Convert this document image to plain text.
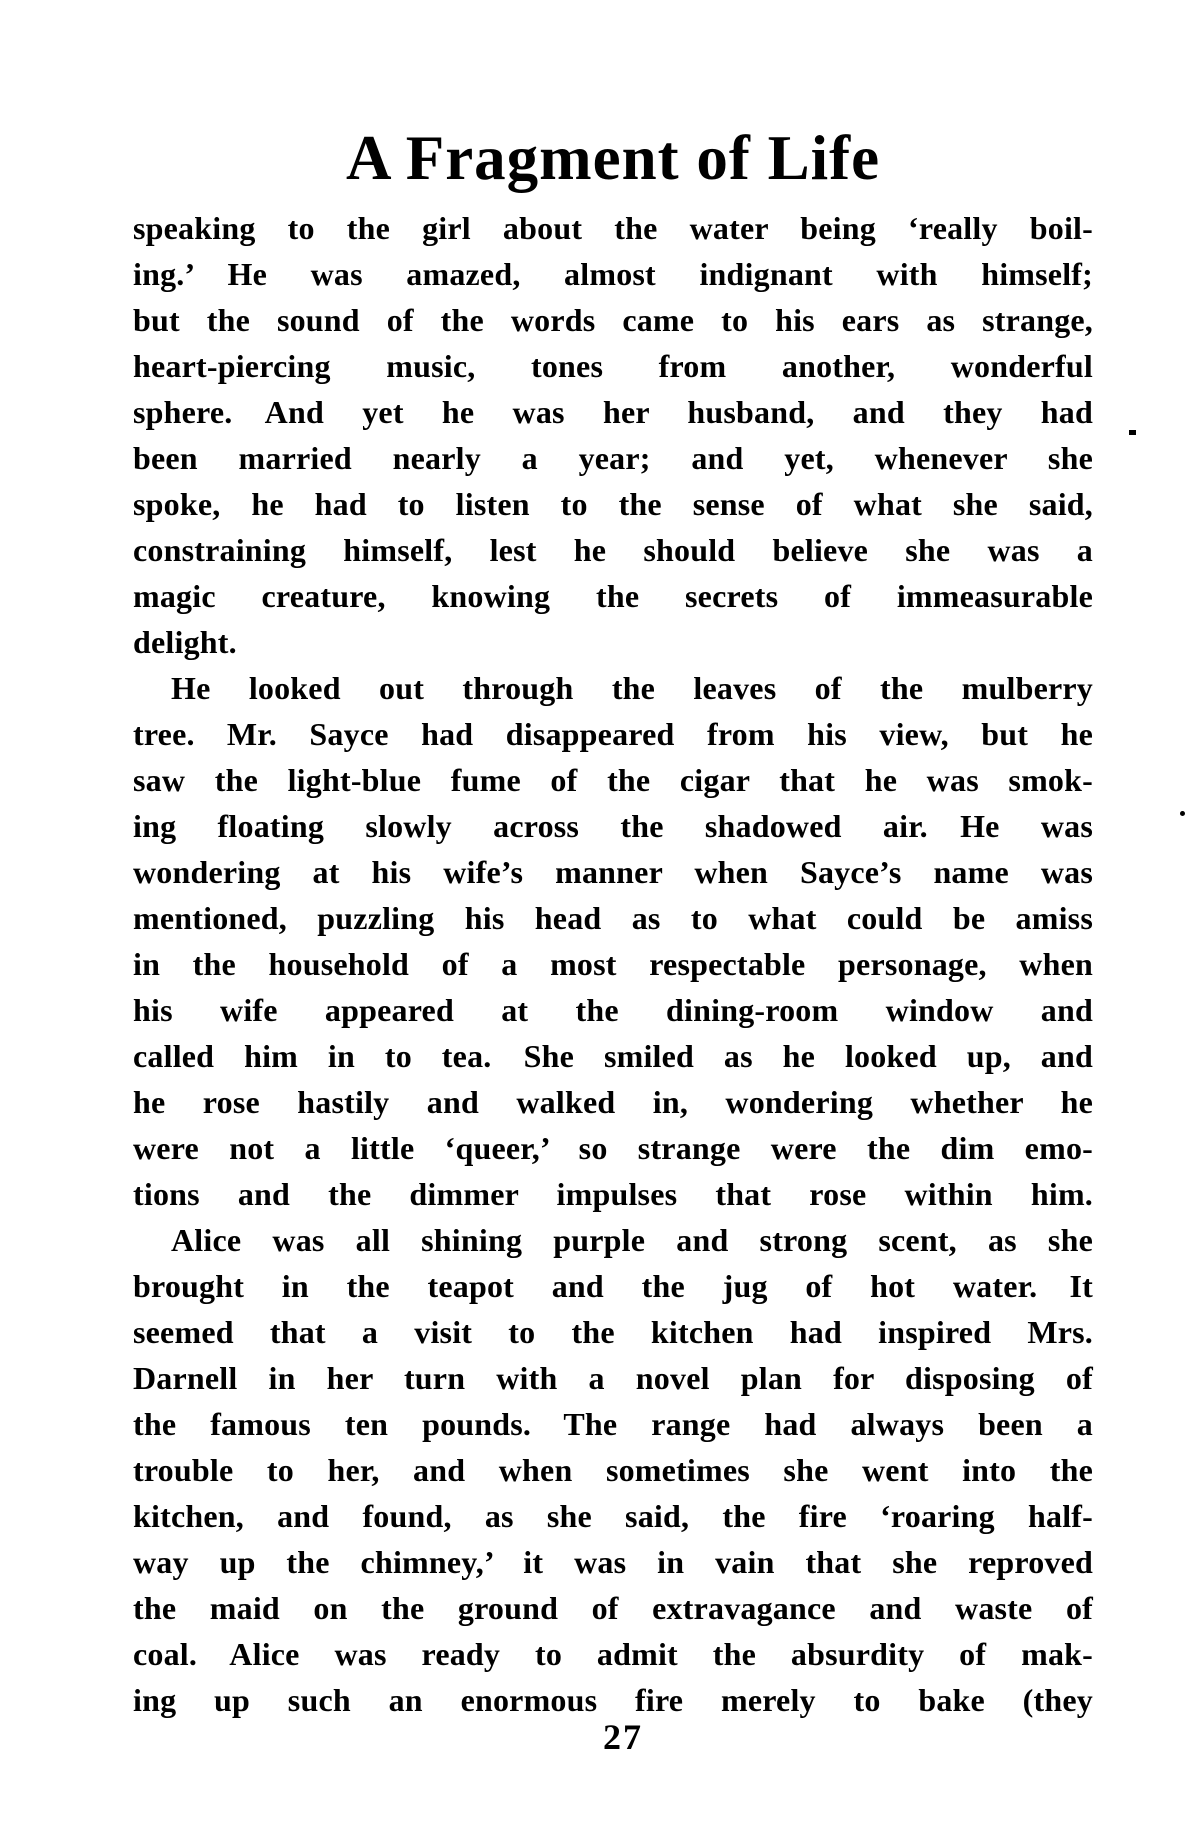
A Fragment of Life
speaking to the girl about the water being ‘really boil-
ing.’ He was amazed, almost indignant with himself;
but the sound of the words came to his ears as strange,
heart-piercing music, tones from another, wonderful
sphere. And yet he was her husband, and they had
been married nearly a year; and yet, whenever she
spoke, he had to listen to the sense of what she said,
constraining himself, lest he should believe she was a
magic creature, knowing the secrets of immeasurable
delight.
He looked out through the leaves of the mulberry
tree. Mr. Sayce had disappeared from his view, but he
saw the light-blue fume of the cigar that he was smok-
ing floating slowly across the shadowed air. He was
wondering at his wife’s manner when Sayce’s name was
mentioned, puzzling his head as to what could be amiss
in the household of a most respectable personage, when
his wife appeared at the dining-room window and
called him in to tea. She smiled as he looked up, and
he rose hastily and walked in, wondering whether he
were not a little ‘queer,’ so strange were the dim emo-
tions and the dimmer impulses that rose within him.
Alice was all shining purple and strong scent, as she
brought in the teapot and the jug of hot water. It
seemed that a visit to the kitchen had inspired Mrs.
Darnell in her turn with a novel plan for disposing of
the famous ten pounds. The range had always been a
trouble to her, and when sometimes she went into the
kitchen, and found, as she said, the fire ‘roaring half-
way up the chimney,’ it was in vain that she reproved
the maid on the ground of extravagance and waste of
coal. Alice was ready to admit the absurdity of mak-
ing up such an enormous fire merely to bake (they
27
